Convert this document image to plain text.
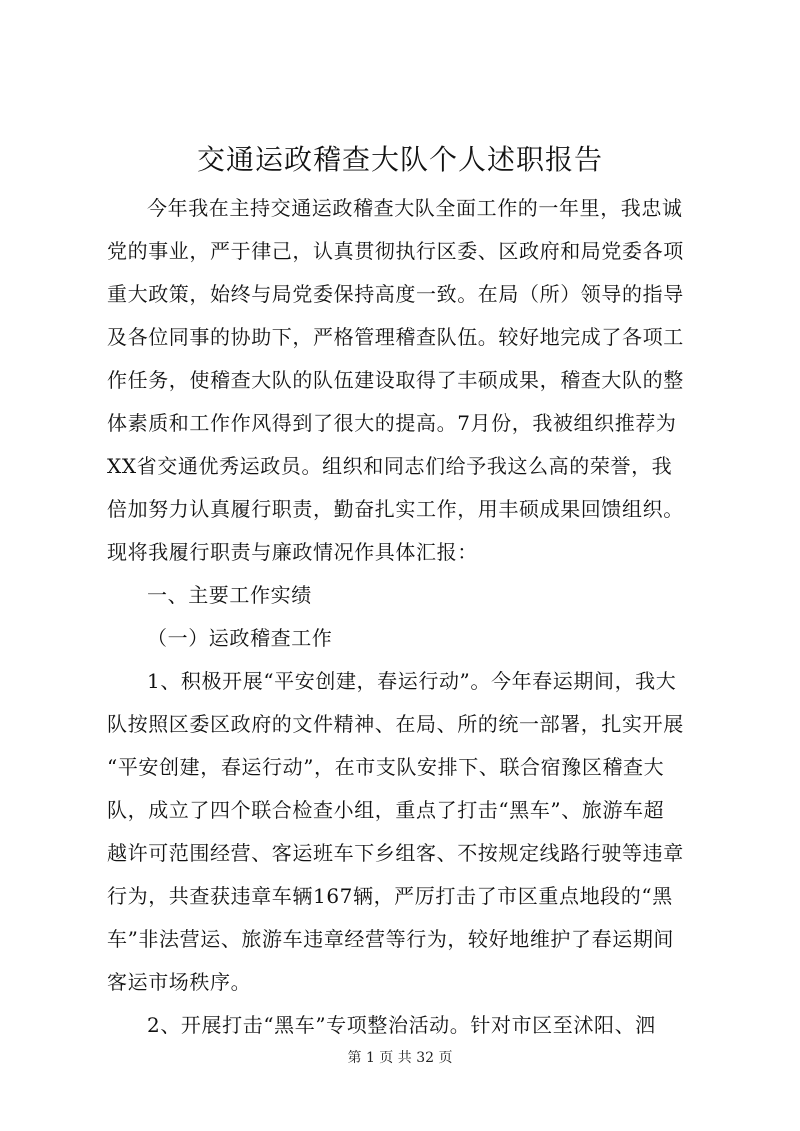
交通运政稽查大队个人述职报告
今年我在主持交通运政稽查大队全面工作的一年里，我忠诚
党的事业，严于律己，认真贯彻执行区委、区政府和局党委各项
重大政策，始终与局党委保持高度一致。在局（所）领导的指导
及各位同事的协助下，严格管理稽查队伍。较好地完成了各项工
作任务，使稽查大队的队伍建设取得了丰硕成果，稽查大队的整
体素质和工作作风得到了很大的提高。7月份，我被组织推荐为
XX省交通优秀运政员。组织和同志们给予我这么高的荣誉，我
倍加努力认真履行职责，勤奋扎实工作，用丰硕成果回馈组织。
现将我履行职责与廉政情况作具体汇报：
一、主要工作实绩
（一）运政稽查工作
1、积极开展“平安创建，春运行动”。今年春运期间，我大
队按照区委区政府的文件精神、在局、所的统一部署，扎实开展
“平安创建，春运行动”，在市支队安排下、联合宿豫区稽查大
队，成立了四个联合检查小组，重点了打击“黑车”、旅游车超
越许可范围经营、客运班车下乡组客、不按规定线路行驶等违章
行为，共查获违章车辆167辆，严厉打击了市区重点地段的“黑
车”非法营运、旅游车违章经营等行为，较好地维护了春运期间
客运市场秩序。
2、开展打击“黑车”专项整治活动。针对市区至沭阳、泗
第 1 页 共 32 页
